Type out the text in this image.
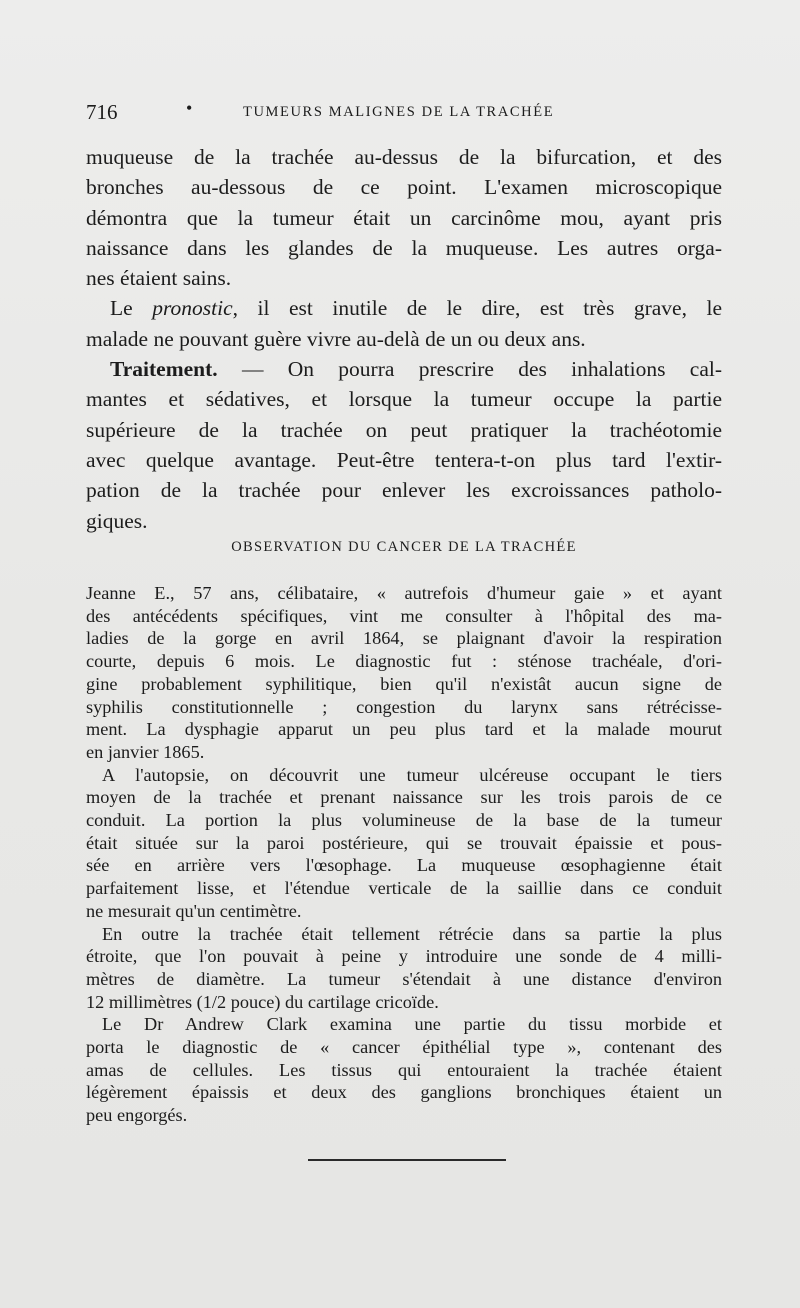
716	•	TUMEURS MALIGNES DE LA TRACHÉE

muqueuse de la trachée au-dessus de la bifurcation, et des
bronches au-dessous de ce point. L'examen microscopique
démontra que la tumeur était un carcinôme mou, ayant pris
naissance dans les glandes de la muqueuse. Les autres orga-
nes étaient sains.

Le pronostic, il est inutile de le dire, est très grave, le
malade ne pouvant guère vivre au-delà de un ou deux ans.

Traitement. — On pourra prescrire des inhalations cal-
mantes et sédatives, et lorsque la tumeur occupe la partie
supérieure de la trachée on peut pratiquer la trachéotomie
avec quelque avantage. Peut-être tentera-t-on plus tard l'extir-
pation de la trachée pour enlever les excroissances patholo-
giques.

OBSERVATION DU CANCER DE LA TRACHÉE

Jeanne E., 57 ans, célibataire, « autrefois d'humeur gaie » et ayant
des antécédents spécifiques, vint me consulter à l'hôpital des ma-
ladies de la gorge en avril 1864, se plaignant d'avoir la respiration
courte, depuis 6 mois. Le diagnostic fut : sténose trachéale, d'ori-
gine probablement syphilitique, bien qu'il n'existât aucun signe de
syphilis constitutionnelle ; congestion du larynx sans rétrécisse-
ment. La dysphagie apparut un peu plus tard et la malade mourut
en janvier 1865.

A l'autopsie, on découvrit une tumeur ulcéreuse occupant le tiers
moyen de la trachée et prenant naissance sur les trois parois de ce
conduit. La portion la plus volumineuse de la base de la tumeur
était située sur la paroi postérieure, qui se trouvait épaissie et pous-
sée en arrière vers l'œsophage. La muqueuse œsophagienne était
parfaitement lisse, et l'étendue verticale de la saillie dans ce conduit
ne mesurait qu'un centimètre.

En outre la trachée était tellement rétrécie dans sa partie la plus
étroite, que l'on pouvait à peine y introduire une sonde de 4 milli-
mètres de diamètre. La tumeur s'étendait à une distance d'environ
12 millimètres (1/2 pouce) du cartilage cricoïde.

Le Dr Andrew Clark examina une partie du tissu morbide et
porta le diagnostic de « cancer épithélial type », contenant des
amas de cellules. Les tissus qui entouraient la trachée étaient
légèrement épaissis et deux des ganglions bronchiques étaient un
peu engorgés.
